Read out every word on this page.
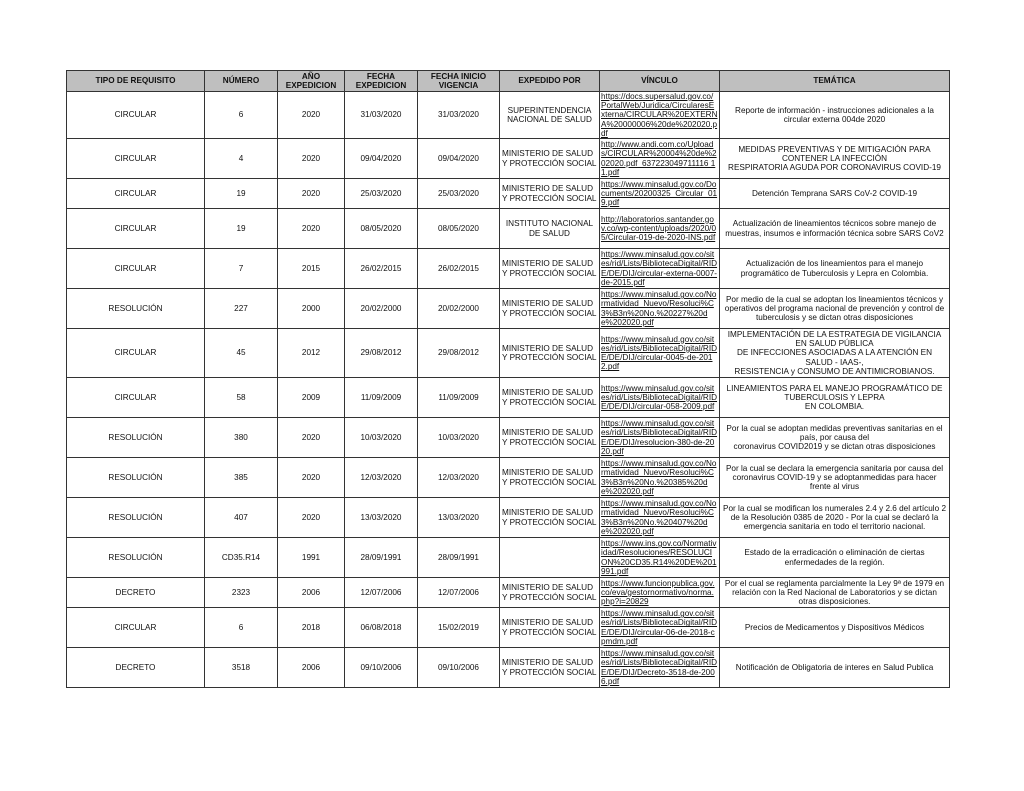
TIPO DE REQUISITO	NÚMERO	AÑO EXPEDICION	FECHA EXPEDICION	FECHA INICIO VIGENCIA	EXPEDIDO POR	VÍNCULO	TEMÁTICA
CIRCULAR	6	2020	31/03/2020	31/03/2020	SUPERINTENDENCIA NACIONAL DE SALUD	https://docs.supersalud.gov.co/PortalWeb/Juridica/CircularesExterna/CIRCULAR%20EXTERNA%20000006%20de%202020.pdf	Reporte de información - instrucciones adicionales a la circular externa 004de 2020
CIRCULAR	4	2020	09/04/2020	09/04/2020	MINISTERIO DE SALUD Y PROTECCIÓN SOCIAL	http://www.andi.com.co/Uploads/CIRCULAR%20004%20de%202020.pdf_637223049711116 11.pdf	MEDIDAS PREVENTIVAS Y DE MITIGACIÓN PARA
CONTENER LA INFECCIÓN
RESPIRATORIA AGUDA POR CORONAVIRUS COVID-19
CIRCULAR	19	2020	25/03/2020	25/03/2020	MINISTERIO DE SALUD Y PROTECCIÓN SOCIAL	https://www.minsalud.gov.co/Documents/20200325_Circular_019.pdf	Detención Temprana SARS CoV-2 COVID-19
CIRCULAR	19	2020	08/05/2020	08/05/2020	INSTITUTO NACIONAL DE SALUD	http://laboratorios.santander.gov.co/wp-content/uploads/2020/05/Circular-019-de-2020-INS.pdf	Actualización de lineamientos técnicos sobre manejo de muestras, insumos e información técnica sobre SARS CoV2
CIRCULAR	7	2015	26/02/2015	26/02/2015	MINISTERIO DE SALUD Y PROTECCIÓN SOCIAL	https://www.minsalud.gov.co/sites/rid/Lists/BibliotecaDigital/RIDE/DE/DIJ/circular-externa-0007-de-2015.pdf	Actualización de los lineamientos para el manejo programático de Tuberculosis y Lepra en Colombia.
RESOLUCIÓN	227	2000	20/02/2000	20/02/2000	MINISTERIO DE SALUD Y PROTECCIÓN SOCIAL	https://www.minsalud.gov.co/Normatividad_Nuevo/Resoluci%C3%B3n%20No.%20227%20de%202020.pdf	Por medio de la cual se adoptan los lineamientos técnicos y operativos del programa nacional de prevención y control de tuberculosis y se dictan otras disposiciones
CIRCULAR	45	2012	29/08/2012	29/08/2012	MINISTERIO DE SALUD Y PROTECCIÓN SOCIAL	https://www.minsalud.gov.co/sites/rid/Lists/BibliotecaDigital/RIDE/DE/DIJ/circular-0045-de-2012.pdf	IMPLEMENTACIÓN DE LA ESTRATEGIA DE VIGILANCIA
EN SALUD PÚBLICA
DE INFECCIONES ASOCIADAS A LA ATENCIÓN EN
SALUD - IAAS-,
RESISTENCIA y CONSUMO DE ANTIMICROBIANOS.
CIRCULAR	58	2009	11/09/2009	11/09/2009	MINISTERIO DE SALUD Y PROTECCIÓN SOCIAL	https://www.minsalud.gov.co/sites/rid/Lists/BibliotecaDigital/RIDE/DE/DIJ/circular-058-2009.pdf	LINEAMIENTOS PARA EL MANEJO PROGRAMÁTICO DE
TUBERCULOSIS Y LEPRA
EN COLOMBIA.
RESOLUCIÓN	380	2020	10/03/2020	10/03/2020	MINISTERIO DE SALUD Y PROTECCIÓN SOCIAL	https://www.minsalud.gov.co/sites/rid/Lists/BibliotecaDigital/RIDE/DE/DIJ/resolucion-380-de-2020.pdf	Por la cual se adoptan medidas preventivas sanitarias en el país, por causa del
coronavirus COVID2019 y se dictan otras disposiciones
RESOLUCIÓN	385	2020	12/03/2020	12/03/2020	MINISTERIO DE SALUD Y PROTECCIÓN SOCIAL	https://www.minsalud.gov.co/Normatividad_Nuevo/Resoluci%C3%B3n%20No.%20385%20de%202020.pdf	Por la cual se declara la emergencia sanitaria por causa del coronavirus COVID-19 y se adoptanmedidas para hacer frente al virus
RESOLUCIÓN	407	2020	13/03/2020	13/03/2020	MINISTERIO DE SALUD Y PROTECCIÓN SOCIAL	https://www.minsalud.gov.co/Normatividad_Nuevo/Resoluci%C3%B3n%20No.%20407%20de%202020.pdf	Por la cual se modifican los numerales 2.4 y 2.6 del artículo 2 de la Resolución 0385 de 2020 - Por la cual se declaró la emergencia sanitaria en todo el territorio nacional.
RESOLUCIÓN	CD35.R14	1991	28/09/1991	28/09/1991		https://www.ins.gov.co/Normatividad/Resoluciones/RESOLUCION%20CD35.R14%20DE%201991.pdf	Estado de la erradicación o eliminación de ciertas enfermedades de la región.
DECRETO	2323	2006	12/07/2006	12/07/2006	MINISTERIO DE SALUD Y PROTECCIÓN SOCIAL	https://www.funcionpublica.gov.co/eva/gestornormativo/norma.php?i=20829	Por el cual se reglamenta parcialmente la Ley 9ª de 1979 en relación con la Red Nacional de Laboratorios y se dictan otras disposiciones.
CIRCULAR	6	2018	06/08/2018	15/02/2019	MINISTERIO DE SALUD Y PROTECCIÓN SOCIAL	https://www.minsalud.gov.co/sites/rid/Lists/BibliotecaDigital/RIDE/DE/DIJ/circular-06-de-2018-cpmdm.pdf	Precios de Medicamentos y Dispositivos Médicos
DECRETO	3518	2006	09/10/2006	09/10/2006	MINISTERIO DE SALUD Y PROTECCIÓN SOCIAL	https://www.minsalud.gov.co/sites/rid/Lists/BibliotecaDigital/RIDE/DE/DIJ/Decreto-3518-de-2006.pdf	Notificación de Obligatoria de interes en Salud Publica
